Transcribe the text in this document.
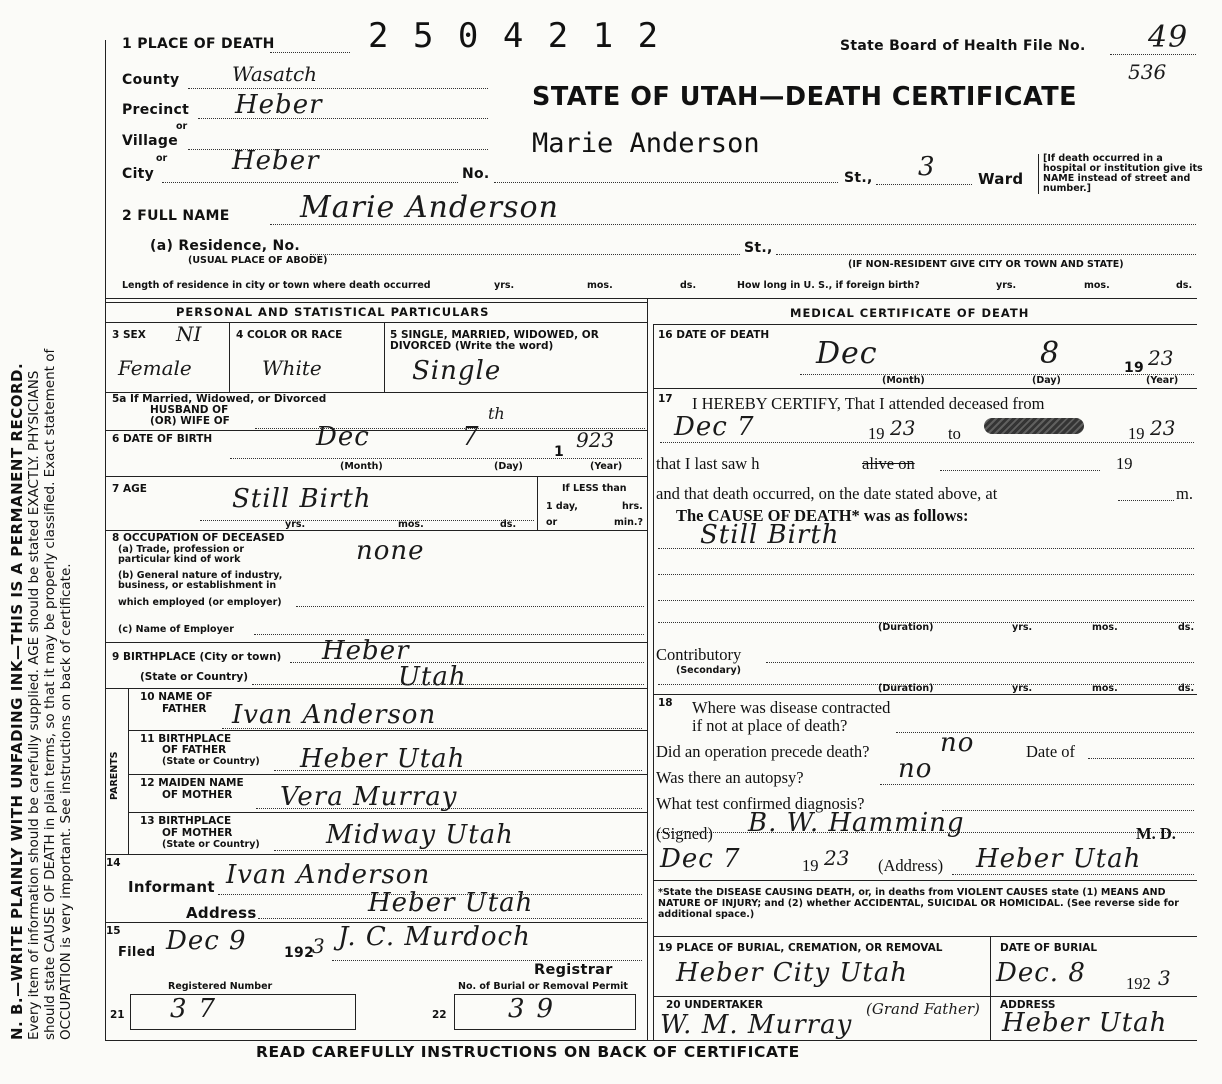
N. B.—WRITE PLAINLY WITH UNFADING INK—THIS IS A PERMANENT RECORD. Every item of information should be carefully supplied. AGE should be stated EXACTLY. PHYSICIANS should state CAUSE OF DEATH in plain terms, so that it may be properly classified. Exact statement of OCCUPATION is very important. See instructions on back of certificate.
1 PLACE OF DEATH	2 5 0 4 2 1 2	State Board of Health File No. 49
536
STATE OF UTAH—DEATH CERTIFICATE
Marie Anderson
County	Wasatch
Precinct Heber
or
Village
or
City	Heber	No.	St., 3	Ward
[If death occurred in a hospital or institution give its NAME instead of street and number.]
2 FULL NAME Marie Anderson
(a) Residence, No.
(USUAL PLACE OF ABODE)
St.,
(IF NON-RESIDENT GIVE CITY OR TOWN AND STATE)
Length of residence in city or town where death occurred	yrs.	mos.	ds.	How long in U. S., if foreign birth?	yrs.	mos.	ds.
PERSONAL AND STATISTICAL PARTICULARS
3 SEX NI
Female
4 COLOR OR RACE
White
5 SINGLE, MARRIED, WIDOWED, OR DIVORCED (Write the word)
Single
5a If Married, Widowed, or Divorced
HUSBAND OF
(OR) WIFE OF
6 DATE OF BIRTH	Dec	7
th
1 923
(Month)	(Day)	(Year)
7 AGE	Still Birth
yrs.	mos.	ds.
If LESS than
1 day,	hrs.
or	min.?
8 OCCUPATION OF DECEASED
(a) Trade, profession or
particular kind of work
(b) General nature of industry,
business, or establishment in
which employed (or employer)
none
(c) Name of Employer
9 BIRTHPLACE (City or town) Heber
(State or Country)	Utah
PARENTS
10 NAME OF
FATHER Ivan Anderson
11 BIRTHPLACE
OF FATHER
(State or Country) Heber Utah
12 MAIDEN NAME
OF MOTHER Vera Murray
13 BIRTHPLACE
OF MOTHER
(State or Country)	Midway Utah
14
Informant Ivan Anderson
Address	Heber Utah
15
Filed Dec 9	192
3 J. C. Murdoch
Registrar
Registered Number
21 37
No. of Burial or Removal Permit
22 39
MEDICAL CERTIFICATE OF DEATH
16 DATE OF DEATH
Dec	8	19 23
(Month)	(Day)	(Year)
17 I HEREBY CERTIFY, That I attended deceased from
Dec 7	19 23 to	19 23
that I last saw h	alive on	19
and that death occurred, on the date stated above, at	m.
The CAUSE OF DEATH* was as follows:
Still Birth
(Duration)	yrs.	mos.	ds.
Contributory
(Secondary)
(Duration)	yrs.	mos.	ds.
18 Where was disease contracted
if not at place of death?
Did an operation precede death?	no	Date of
Was there an autopsy?	no
What test confirmed diagnosis?
(Signed) B. W. Hamming	M. D.
Dec 7	19 23 (Address) Heber Utah
*State the DISEASE CAUSING DEATH, or, in deaths from VIOLENT CAUSES state (1) MEANS AND NATURE OF INJURY; and (2) whether ACCIDENTAL, SUICIDAL OR HOMICIDAL. (See reverse side for additional space.)
19 PLACE OF BURIAL, CREMATION, OR REMOVAL
Heber City Utah
DATE OF BURIAL
Dec. 8 192 3
20 UNDERTAKER
W. M. Murray
(Grand Father) ADDRESS
Heber Utah
READ CAREFULLY INSTRUCTIONS ON BACK OF CERTIFICATE
